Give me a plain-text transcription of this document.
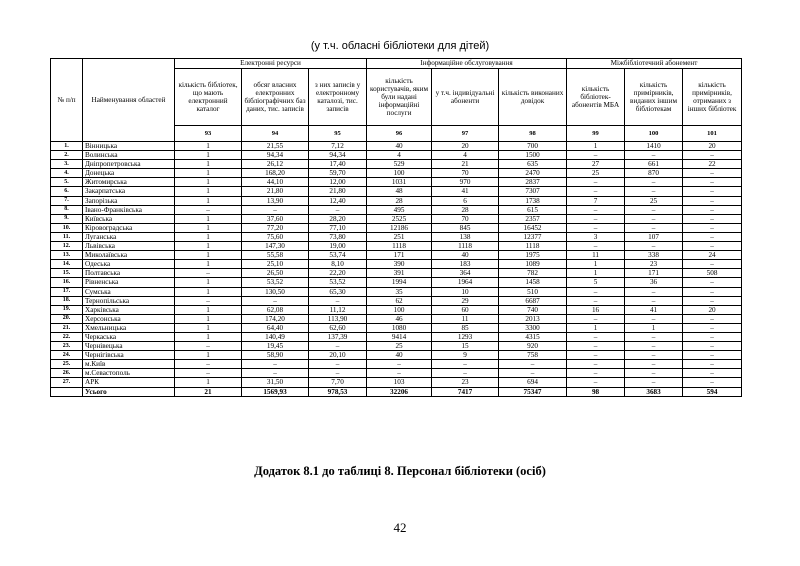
(у т.ч. обласні бібліотеки для дітей)
№ п/п	Найменування областей	Електронні ресурси			Інформаційне обслуговування			Міжбібліотечний абонемент		
		кількість бібліотек, що мають електронний каталог	обсяг власних електронних бібліографічних баз даних, тис. записів	з них записів у електронному каталозі, тис. записів	кількість користувачів, яким були надані інформаційні послуги	у т.ч. індивідуальні абоненти	кількість виконаних довідок	кількість бібліотек-абонентів МБА	кількість примірників, виданих іншим бібліотекам	кількість примірників, отриманих з інших бібліотек
		93	94	95	96	97	98	99	100	101
1.	Вінницька	1	21,55	7,12	40	20	700	1	1410	20
2.	Волинська	1	94,34	94,34	4	4	1500	–	–	–
3.	Дніпропетровська	1	26,12	17,40	529	21	635	27	661	22
4.	Донецька	1	168,20	59,70	100	70	2470	25	870	–
5.	Житомирська	1	44,10	12,00	1031	970	2837	–	–	–
6.	Закарпатська	1	21,80	21,80	48	41	7307	–	–	–
7.	Запорізька	1	13,90	12,40	28	6	1738	7	25	–
8.	Івано-Франківська	–	–	–	495	28	615	–	–	–
9.	Київська	1	37,60	28,20	2525	70	2357	–	–	–
10.	Кіровоградська	1	77,20	77,10	12186	845	16452	–	–	–
11.	Луганська	1	75,60	73,80	251	138	12377	3	107	–
12.	Львівська	1	147,30	19,00	1118	1118	1118	–	–	–
13.	Миколаївська	1	55,58	53,74	171	40	1975	11	338	24
14.	Одеська	1	25,10	8,10	390	183	1089	1	23	–
15.	Полтавська	–	26,50	22,20	391	364	782	1	171	508
16.	Рівненська	1	53,52	53,52	1994	1964	1458	5	36	–
17.	Сумська	1	130,50	65,30	35	10	510	–	–	–
18.	Тернопільська	–	–	–	62	29	6687	–	–	–
19.	Харківська	1	62,08	11,12	100	60	740	16	41	20
20.	Херсонська	1	174,20	113,90	46	11	2013	–	–	–
21.	Хмельницька	1	64,40	62,60	1080	85	3300	1	1	–
22.	Черкаська	1	140,49	137,39	9414	1293	4315	–	–	–
23.	Чернівецька	–	19,45	–	25	15	920	–	–	–
24.	Чернігівська	1	58,90	20,10	40	9	758	–	–	–
25.	м.Київ	–	–	–	–	–	–	–	–	–
26.	м.Севастополь	–	–	–	–	–	–	–	–	–
27.	АРК	1	31,50	7,70	103	23	694	–	–	–
	Усього	21	1569,93	978,53	32206	7417	75347	98	3683	594
Додаток 8.1 до таблиці 8. Персонал бібліотеки (осіб)
42
